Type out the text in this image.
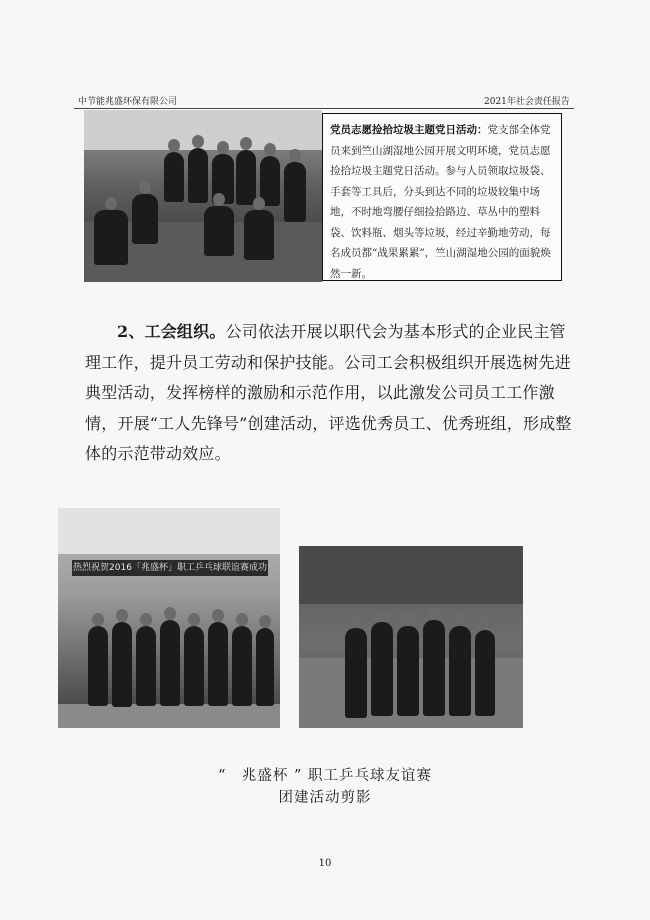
中节能兆盛环保有限公司	2021年社会责任报告
党员志愿捡拾垃圾主题党日活动：党支部全体党员来到竺山湖湿地公园开展文明环境，党员志愿捡拾垃圾主题党日活动。参与人员领取垃圾袋、手套等工具后，分头到达不同的垃圾较集中场地，不时地弯腰仔细捡拾路边、草丛中的塑料袋、饮料瓶、烟头等垃圾，经过辛勤地劳动，每名成员都“战果累累”，竺山湖湿地公园的面貌焕然一新。
2、工会组织。公司依法开展以职代会为基本形式的企业民主管理工作，提升员工劳动和保护技能。公司工会积极组织开展选树先进典型活动，发挥榜样的激励和示范作用，以此激发公司员工工作激情，开展“工人先锋号”创建活动，评选优秀员工、优秀班组，形成整体的示范带动效应。
热烈祝贺2016「兆盛杯」职工乒乓球联谊赛成功
“　兆盛杯 ” 职工乒乓球友谊赛
团建活动剪影
10
